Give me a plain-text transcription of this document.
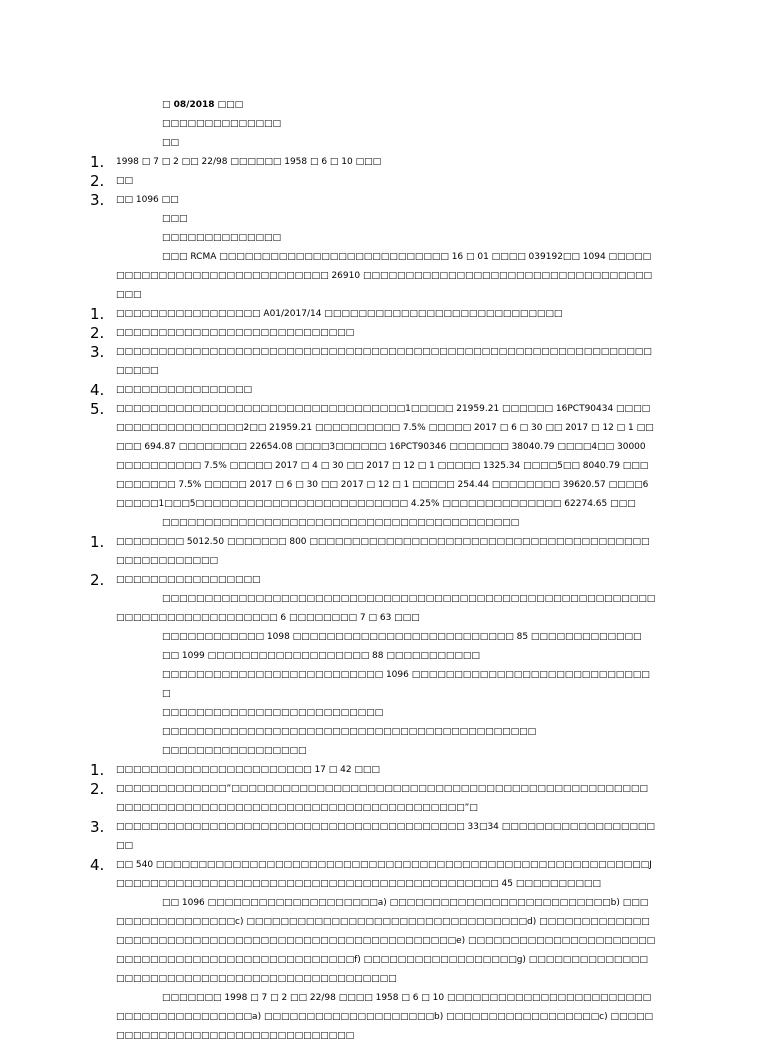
□ 08/2018 □□□

□□□□□□□□□□□□□□

□□

1. 1998 □ 7 □ 2 □□ 22/98 □□□□□□ 1958 □ 6 □ 10 □□□
2. □□
3. □□ 1096 □□

□□□

□□□□□□□□□□□□□□

□□□ RCMA □□□□□□□□□□□□□□□□□□□□□□□□□□□ 16 □ 01 □□□□ 039192□□ 1094 □□□□□□□□□□□□□□□□□□□□□□□□□□□□□□ 26910 □□□□□□□□□□□□□□□□□□□□□□□□□□□□□□□□□□□□□

1. □□□□□□□□□□□□□□□□□ A01/2017/14 □□□□□□□□□□□□□□□□□□□□□□□□□□□□
2. □□□□□□□□□□□□□□□□□□□□□□□□□□□□
3. □□□□□□□□□□□□□□□□□□□□□□□□□□□□□□□□□□□□□□□□□□□□□□□□□□□□□□□□□□□□□□□□□□□□
4. □□□□□□□□□□□□□□□□
5. □□□□□□□□□□□□□□□□□□□□□□□□□□□□□□□□□□1□□□□□ 21959.21 □□□□□□ 16PCT90434 □□□□□□□□□□□□□□□□□□□2□□ 21959.21 □□□□□□□□□□ 7.5% □□□□□ 2017 □ 6 □ 30 □□ 2017 □ 12 □ 1 □□□□□ 694.87 □□□□□□□□ 22654.08 □□□□3□□□□□□ 16PCT90346 □□□□□□□ 38040.79 □□□□4□□ 30000 □□□□□□□□□□ 7.5% □□□□□ 2017 □ 4 □ 30 □□ 2017 □ 12 □ 1 □□□□□ 1325.34 □□□□5□□ 8040.79 □□□□□□□□□□ 7.5% □□□□□ 2017 □ 6 □ 30 □□ 2017 □ 12 □ 1 □□□□□ 254.44 □□□□□□□□ 39620.57 □□□□6□□□□□1□□□5□□□□□□□□□□□□□□□□□□□□□□□□□ 4.25% □□□□□□□□□□□□□□ 62274.65 □□□

□□□□□□□□□□□□□□□□□□□□□□□□□□□□□□□□□□□□□□□□□□

1. □□□□□□□□ 5012.50 □□□□□□□ 800 □□□□□□□□□□□□□□□□□□□□□□□□□□□□□□□□□□□□□□□□□□□□□□□□□□□□
2. □□□□□□□□□□□□□□□□□

□□□□□□□□□□□□□□□□□□□□□□□□□□□□□□□□□□□□□□□□□□□□□□□□□□□□□□□□□□□□□□□□□□□□□□□□□□□□□ 6 □□□□□□□□ 7 □ 63 □□□

□□□□□□□□□□□□ 1098 □□□□□□□□□□□□□□□□□□□□□□□□□□ 85 □□□□□□□□□□□□□

□□ 1099 □□□□□□□□□□□□□□□□□□□ 88 □□□□□□□□□□□

□□□□□□□□□□□□□□□□□□□□□□□□□□ 1096 □□□□□□□□□□□□□□□□□□□□□□□□□□□□□

□□□□□□□□□□□□□□□□□□□□□□□□□□

□□□□□□□□□□□□□□□□□□□□□□□□□□□□□□□□□□□□□□□□□□□□

□□□□□□□□□□□□□□□□□

1. □□□□□□□□□□□□□□□□□□□□□□□ 17 □ 42 □□□
2. □□□□□□□□□□□□□”□□□□□□□□□□□□□□□□□□□□□□□□□□□□□□□□□□□□□□□□□□□□□□□□□□□□□□□□□□□□□□□□□□□□□□□□□□□□□□□□□□□□□□□□□□”□
3. □□□□□□□□□□□□□□□□□□□□□□□□□□□□□□□□□□□□□□□□□ 33□34 □□□□□□□□□□□□□□□□□□□□
4. □□ 540 □□□□□□□□□□□□□□□□□□□□□□□□□□□□□□□□□□□□□□□□□□□□□□□□□□□□□□□□□□J□□□□□□□□□□□□□□□□□□□□□□□□□□□□□□□□□□□□□□□□□□□□□ 45 □□□□□□□□□□

□□ 1096 □□□□□□□□□□□□□□□□□□□□a) □□□□□□□□□□□□□□□□□□□□□□□□□□b) □□□□□□□□□□□□□□□□□c) □□□□□□□□□□□□□□□□□□□□□□□□□□□□□□□□□d) □□□□□□□□□□□□□□□□□□□□□□□□□□□□□□□□□□□□□□□□□□□□□□□□□□□□□e) □□□□□□□□□□□□□□□□□□□□□□□□□□□□□□□□□□□□□□□□□□□□□□□□□□f) □□□□□□□□□□□□□□□□□□g) □□□□□□□□□□□□□□□□□□□□□□□□□□□□□□□□□□□□□□□□□□□□□□□

□□□□□□□ 1998 □ 7 □ 2 □□ 22/98 □□□□ 1958 □ 6 □ 10 □□□□□□□□□□□□□□□□□□□□□□□□□□□□□□□□□□□□□□□□a) □□□□□□□□□□□□□□□□□□□□b) □□□□□□□□□□□□□□□□□□c) □□□□□□□□□□□□□□□□□□□□□□□□□□□□□□□□□
